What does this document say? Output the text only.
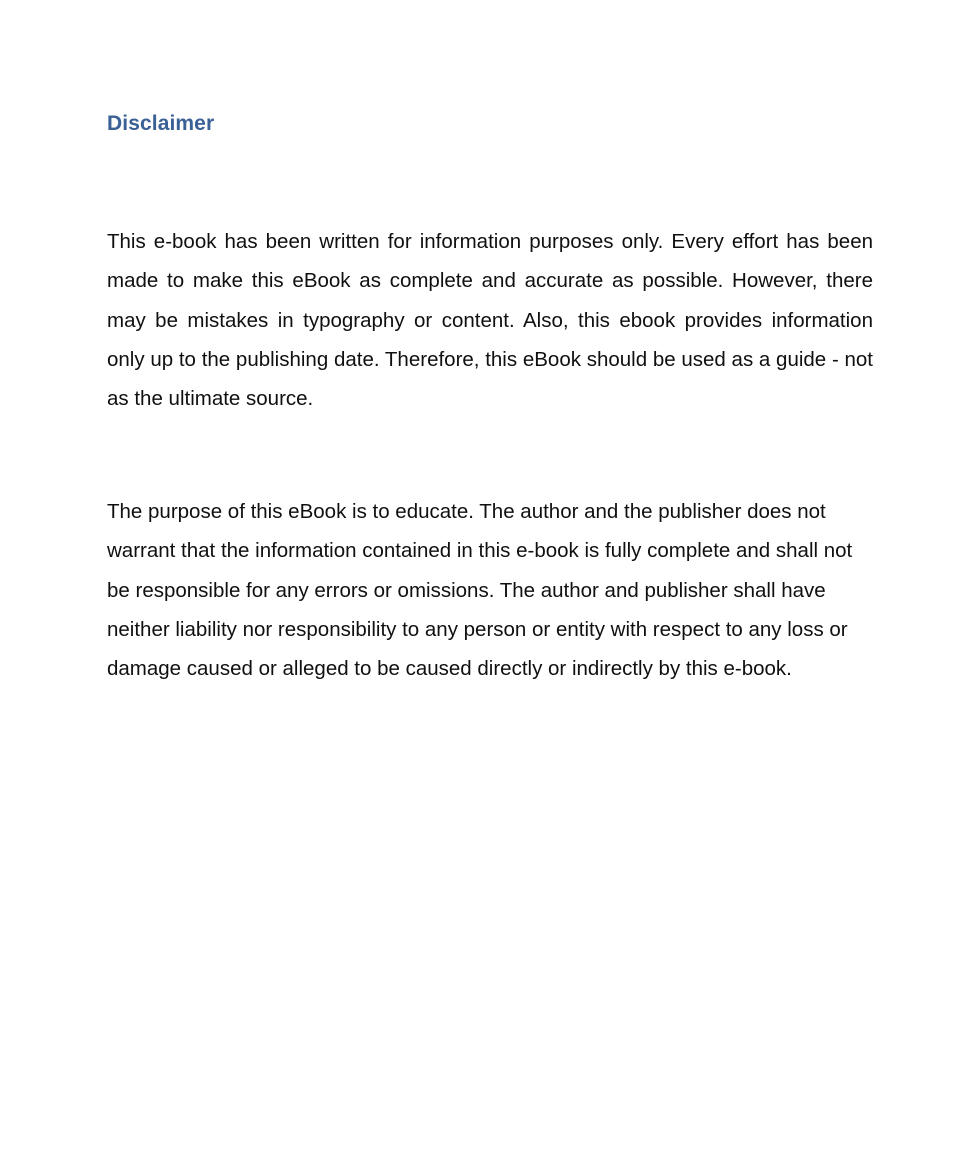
Disclaimer

This e-book has been written for information purposes only. Every effort has been made to make this eBook as complete and accurate as possible. However, there may be mistakes in typography or content. Also, this ebook provides information only up to the publishing date. Therefore, this eBook should be used as a guide - not as the ultimate source.

The purpose of this eBook is to educate. The author and the publisher does not warrant that the information contained in this e-book is fully complete and shall not be responsible for any errors or omissions. The author and publisher shall have neither liability nor responsibility to any person or entity with respect to any loss or damage caused or alleged to be caused directly or indirectly by this e-book.
